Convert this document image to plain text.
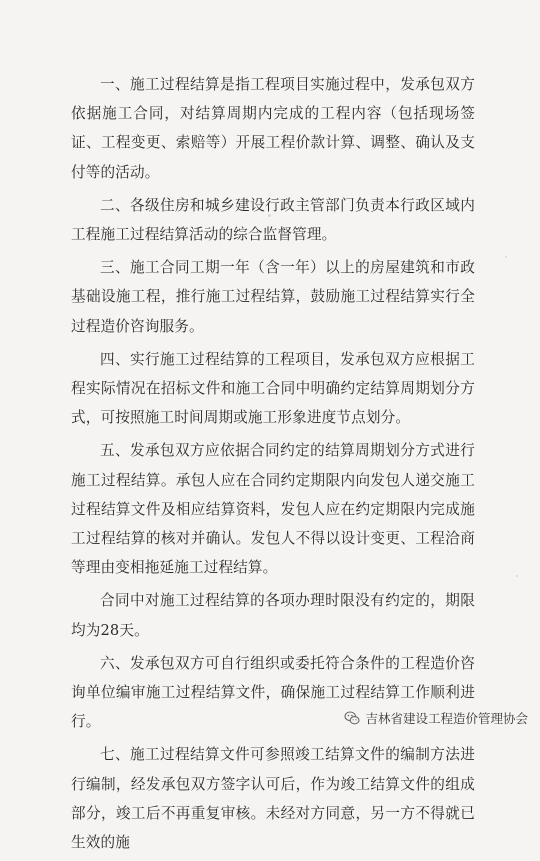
一、施工过程结算是指工程项目实施过程中，发承包双方依据施工合同，对结算周期内完成的工程内容（包括现场签证、工程变更、索赔等）开展工程价款计算、调整、确认及支付等的活动。

二、各级住房和城乡建设行政主管部门负责本行政区域内工程施工过程结算活动的综合监督管理。

三、施工合同工期一年（含一年）以上的房屋建筑和市政基础设施工程，推行施工过程结算，鼓励施工过程结算实行全过程造价咨询服务。

四、实行施工过程结算的工程项目，发承包双方应根据工程实际情况在招标文件和施工合同中明确约定结算周期划分方式，可按照施工时间周期或施工形象进度节点划分。

五、发承包双方应依据合同约定的结算周期划分方式进行施工过程结算。承包人应在合同约定期限内向发包人递交施工过程结算文件及相应结算资料，发包人应在约定期限内完成施工过程结算的核对并确认。发包人不得以设计变更、工程洽商等理由变相拖延施工过程结算。

合同中对施工过程结算的各项办理时限没有约定的，期限均为28天。

六、发承包双方可自行组织或委托符合条件的工程造价咨询单位编审施工过程结算文件，确保施工过程结算工作顺利进行。

七、施工过程结算文件可参照竣工结算文件的编制方法进行编制，经发承包双方签字认可后，作为竣工结算文件的组成部分，竣工后不再重复审核。未经对方同意，另一方不得就已生效的施

吉林省建设工程造价管理协会
